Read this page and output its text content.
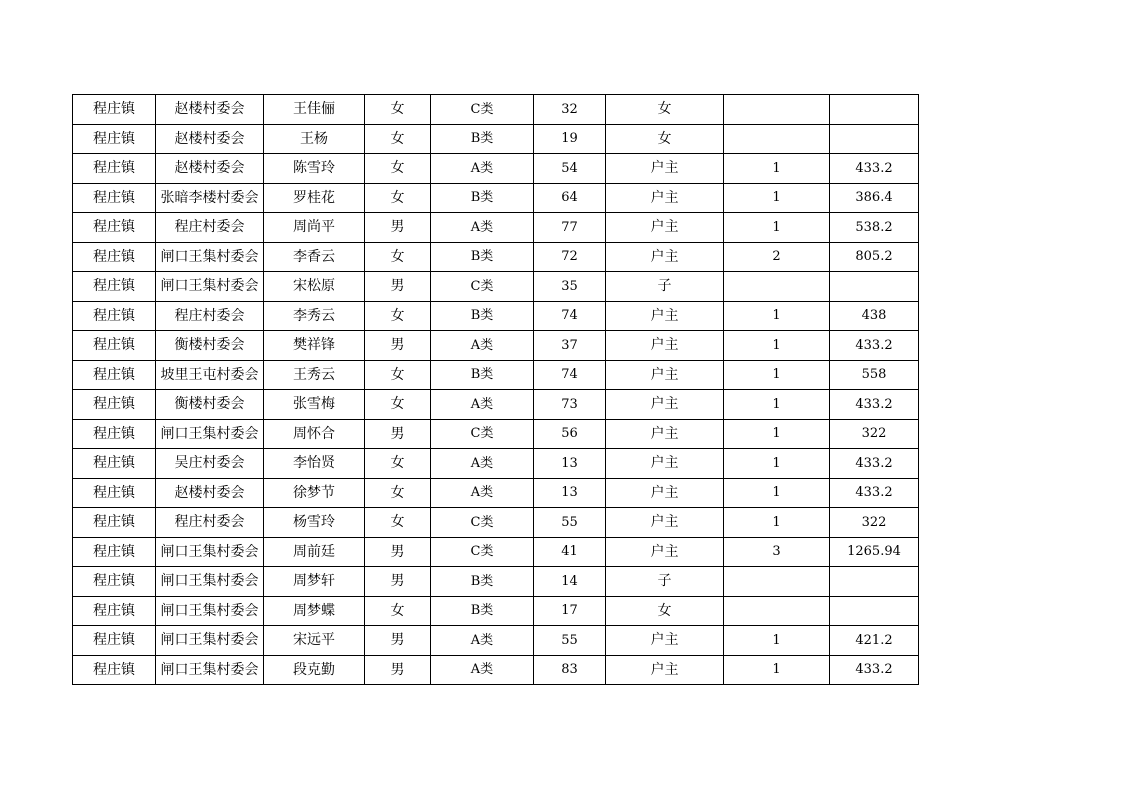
程庄镇	赵楼村委会	王佳俪	女	C类	32	女		
程庄镇	赵楼村委会	王杨	女	B类	19	女		
程庄镇	赵楼村委会	陈雪玲	女	A类	54	户主	1	433.2
程庄镇	张暗李楼村委会	罗桂花	女	B类	64	户主	1	386.4
程庄镇	程庄村委会	周尚平	男	A类	77	户主	1	538.2
程庄镇	闸口王集村委会	李香云	女	B类	72	户主	2	805.2
程庄镇	闸口王集村委会	宋松原	男	C类	35	子		
程庄镇	程庄村委会	李秀云	女	B类	74	户主	1	438
程庄镇	衡楼村委会	樊祥锋	男	A类	37	户主	1	433.2
程庄镇	坡里王屯村委会	王秀云	女	B类	74	户主	1	558
程庄镇	衡楼村委会	张雪梅	女	A类	73	户主	1	433.2
程庄镇	闸口王集村委会	周怀合	男	C类	56	户主	1	322
程庄镇	吴庄村委会	李怡贤	女	A类	13	户主	1	433.2
程庄镇	赵楼村委会	徐梦节	女	A类	13	户主	1	433.2
程庄镇	程庄村委会	杨雪玲	女	C类	55	户主	1	322
程庄镇	闸口王集村委会	周前廷	男	C类	41	户主	3	1265.94
程庄镇	闸口王集村委会	周梦轩	男	B类	14	子		
程庄镇	闸口王集村委会	周梦蝶	女	B类	17	女		
程庄镇	闸口王集村委会	宋远平	男	A类	55	户主	1	421.2
程庄镇	闸口王集村委会	段克勤	男	A类	83	户主	1	433.2
